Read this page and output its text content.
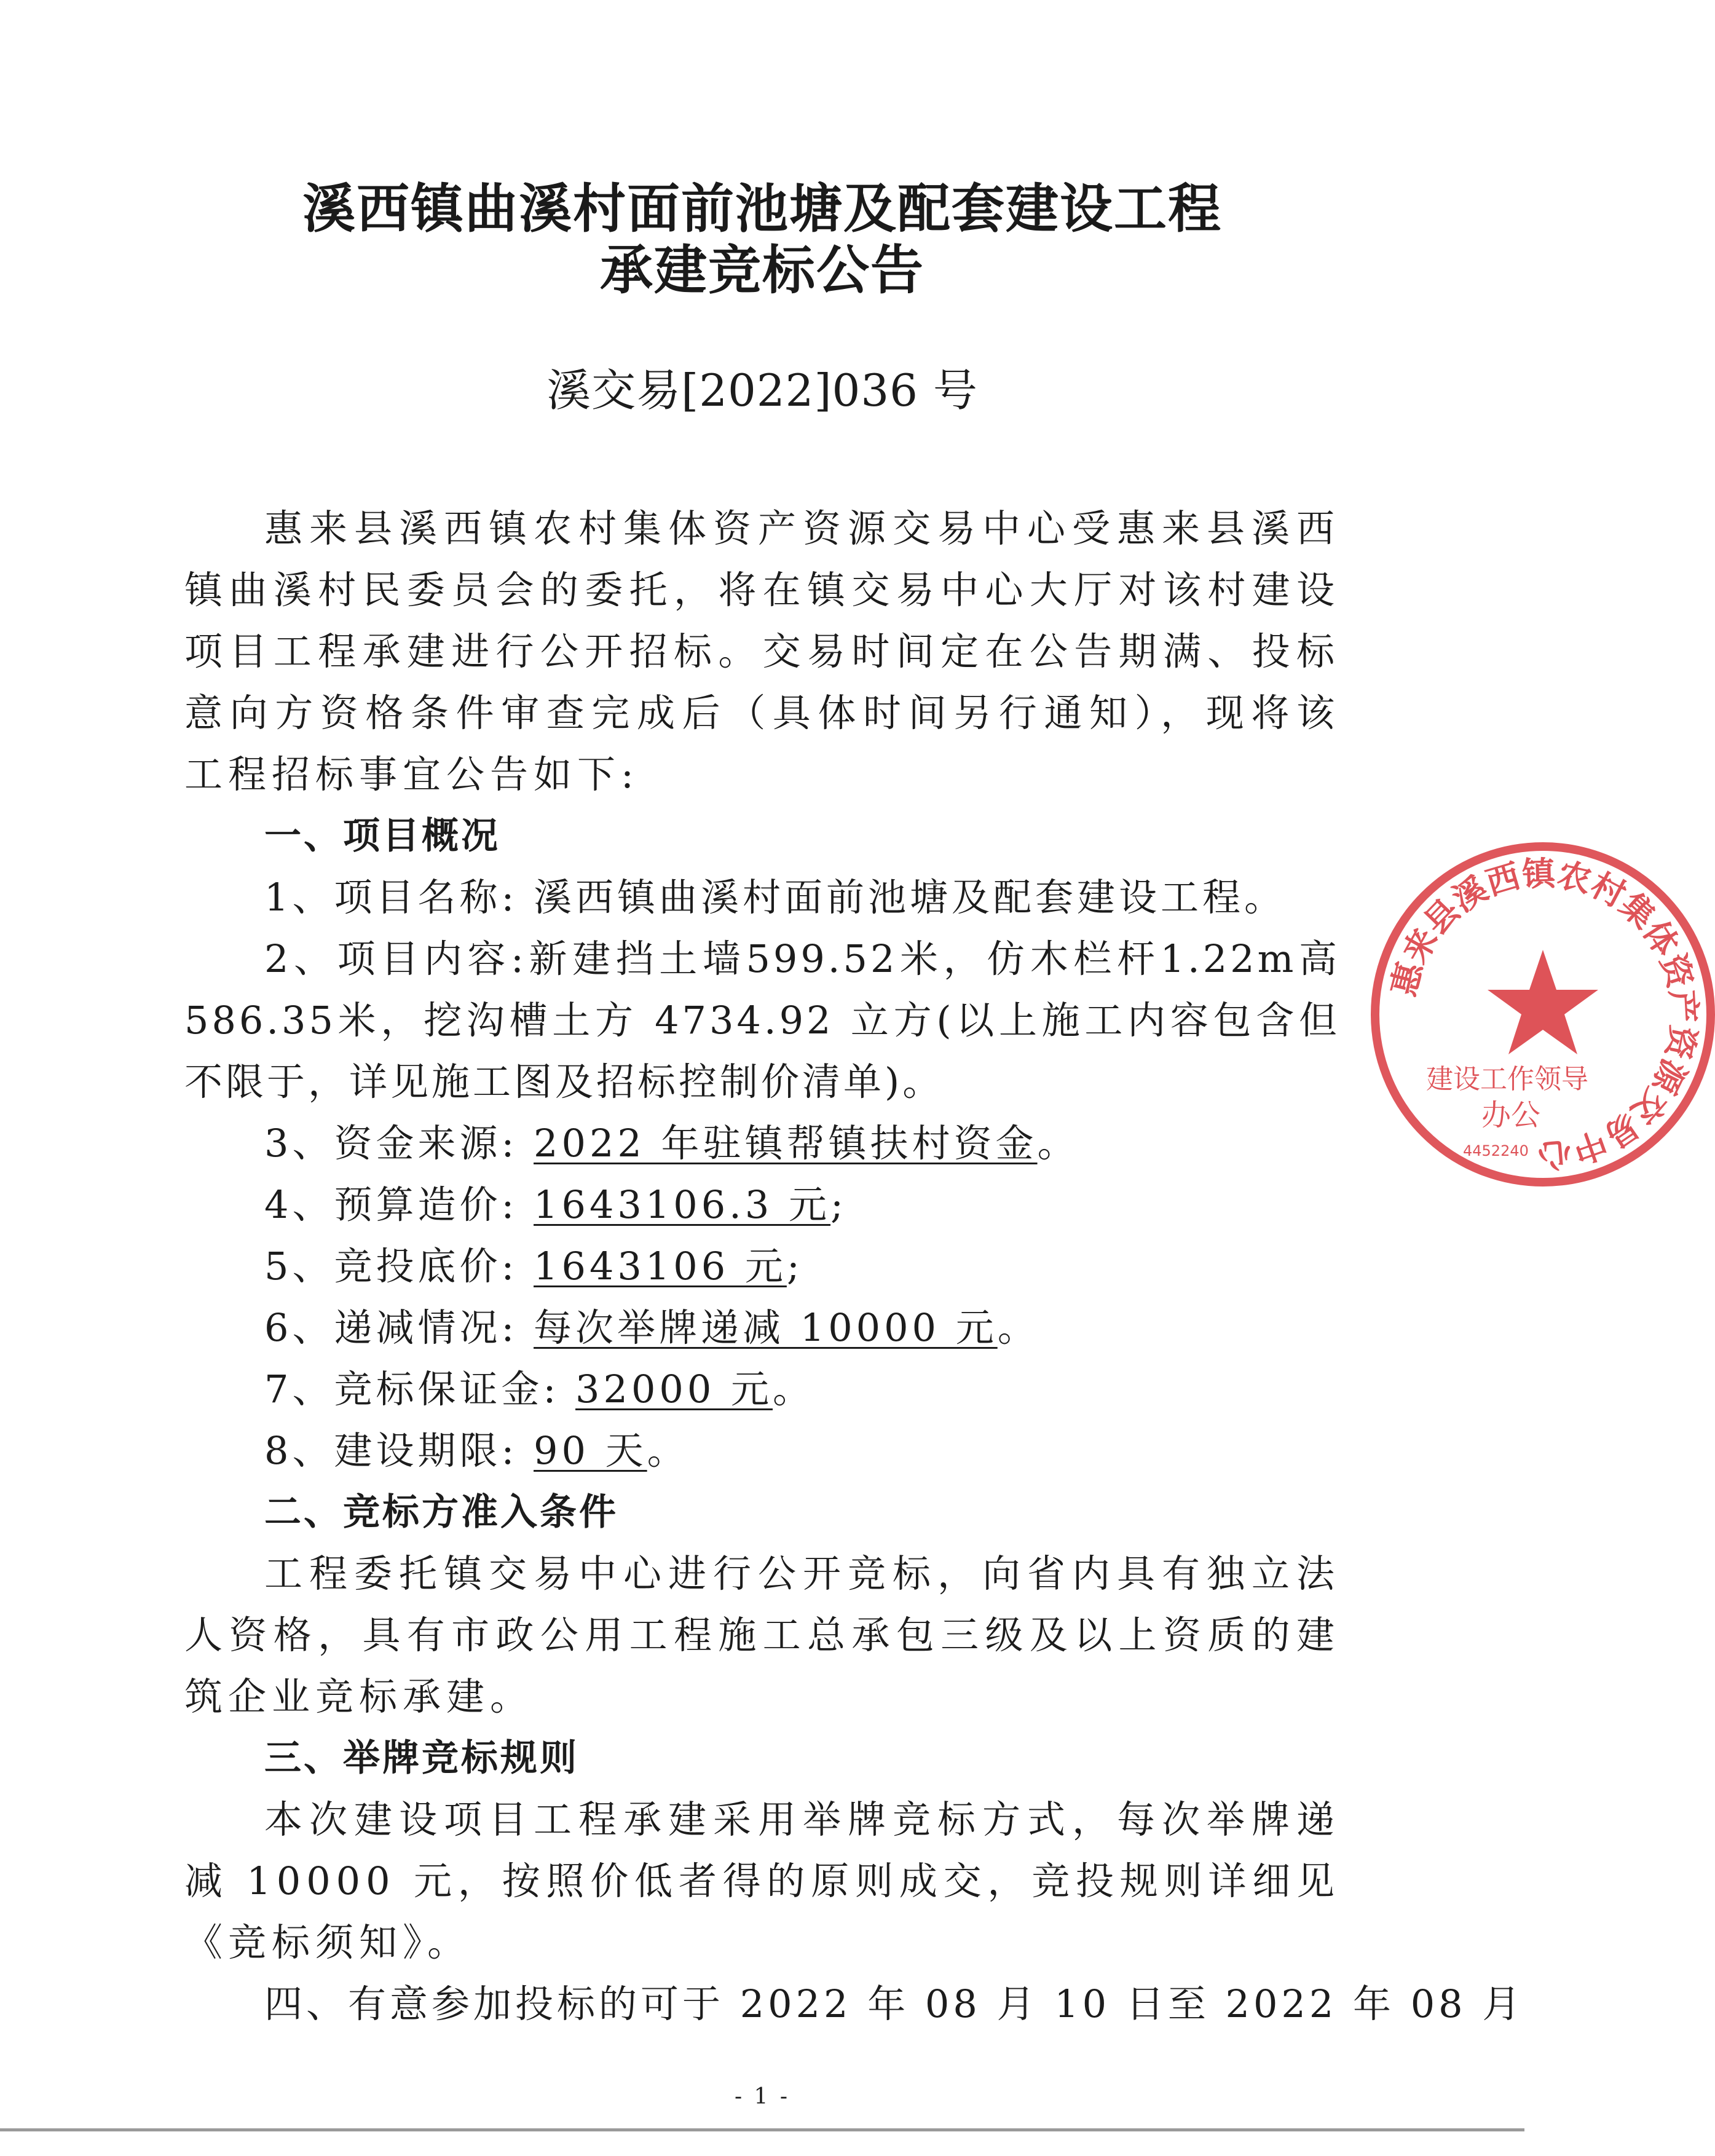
溪西镇曲溪村面前池塘及配套建设工程
承建竞标公告
溪交易[2022]036 号

惠来县溪西镇农村集体资产资源交易中心受惠来县溪西镇曲溪村民委员会的委托，将在镇交易中心大厅对该村建设项目工程承建进行公开招标。交易时间定在公告期满、投标意向方资格条件审查完成后（具体时间另行通知），现将该工程招标事宜公告如下:

一、项目概况

1、项目名称: 溪西镇曲溪村面前池塘及配套建设工程。

2、项目内容:新建挡土墙599.52米，仿木栏杆1.22m高586.35米，挖沟槽土方 4734.92 立方(以上施工内容包含但不限于，详见施工图及招标控制价清单)。

3、资金来源: 2022 年驻镇帮镇扶村资金。

4、预算造价: 1643106.3 元;

5、竞投底价: 1643106 元;

6、递减情况: 每次举牌递减 10000 元。

7、竞标保证金: 32000 元。

8、建设期限: 90 天。

二、竞标方准入条件

工程委托镇交易中心进行公开竞标，向省内具有独立法人资格，具有市政公用工程施工总承包三级及以上资质的建筑企业竞标承建。

三、举牌竞标规则

本次建设项目工程承建采用举牌竞标方式，每次举牌递减 10000 元，按照价低者得的原则成交，竞投规则详细见《竞标须知》。

四、有意参加投标的可于 2022 年 08 月 10 日至 2022 年 08 月

- 1 -
惠来县溪西镇农村集体资产资源交易中心
建设工作领导
办公
4452240
